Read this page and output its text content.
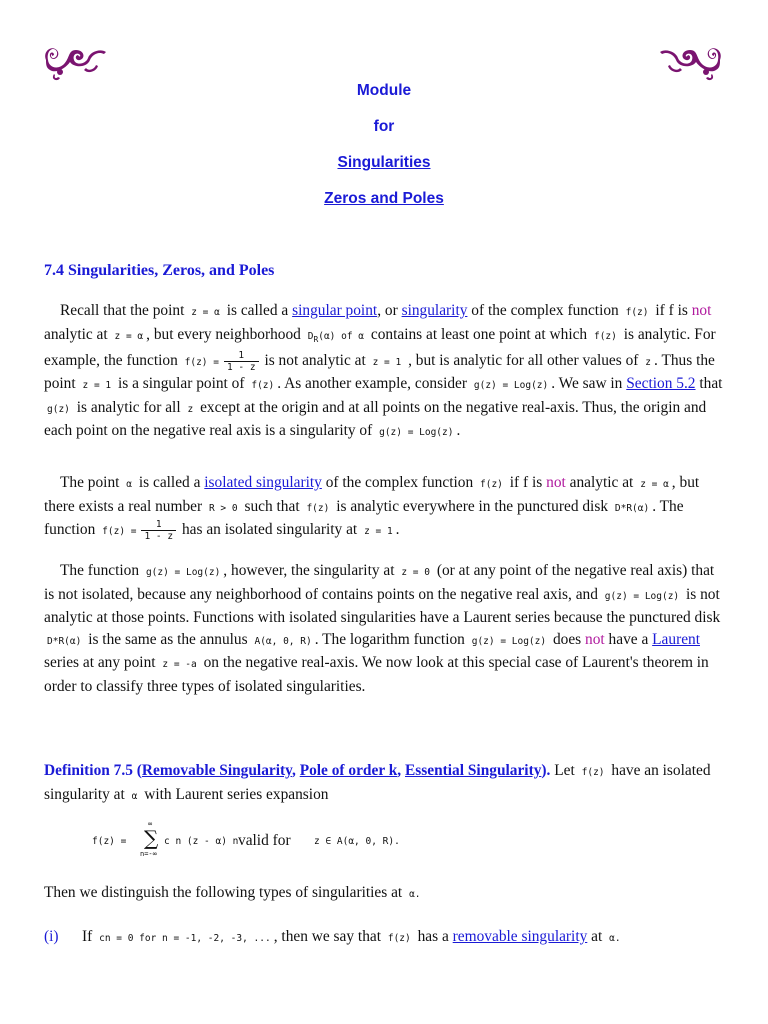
Module
for
Singularities
Zeros and Poles
7.4 Singularities, Zeros, and Poles
Recall that the point z = α is called a singular point, or singularity of the complex function f(z) if f is not analytic at z = α , but every neighborhood $D_R(\alpha)$ of α contains at least one point at which f(z) is analytic. For example, the function $f(z) = \frac{1}{1 - z}$ is not analytic at z = 1 , but is analytic for all other values of z . Thus the point z = 1 is a singular point of f(z) . As another example, consider g(z) = Log(z) . We saw in Section 5.2 that g(z) is analytic for all z except at the origin and at all points on the negative real-axis. Thus, the origin and each point on the negative real axis is a singularity of g(z) = Log(z) .
The point α is called a isolated singularity of the complex function f(z) if f is not analytic at z = α , but there exists a real number R > 0 such that f(z) is analytic everywhere in the punctured disk D*R(α) . The function $f(z) = \frac{1}{1 - z}$ has an isolated singularity at z = 1 .
The function g(z) = Log(z) , however, the singularity at z = 0 (or at any point of the negative real axis) that is not isolated, because any neighborhood of contains points on the negative real axis, and g(z) = Log(z) is not analytic at those points. Functions with isolated singularities have a Laurent series because the punctured disk D*R(α) is the same as the annulus A(α, 0, R) . The logarithm function g(z) = Log(z) does not have a Laurent series at any point z = -a on the negative real-axis. We now look at this special case of Laurent's theorem in order to classify three types of isolated singularities.
Definition 7.5 (Removable Singularity, Pole of order k, Essential Singularity). Let f(z) have an isolated singularity at α with Laurent series expansion
f(z) =
∞
∑
n=-∞
c n (z - α) n valid for z ∈ A(α, 0, R).
Then we distinguish the following types of singularities at α.
(i) If cn = 0 for n = -1, -2, -3, ... , then we say that f(z) has a removable singularity at α.
